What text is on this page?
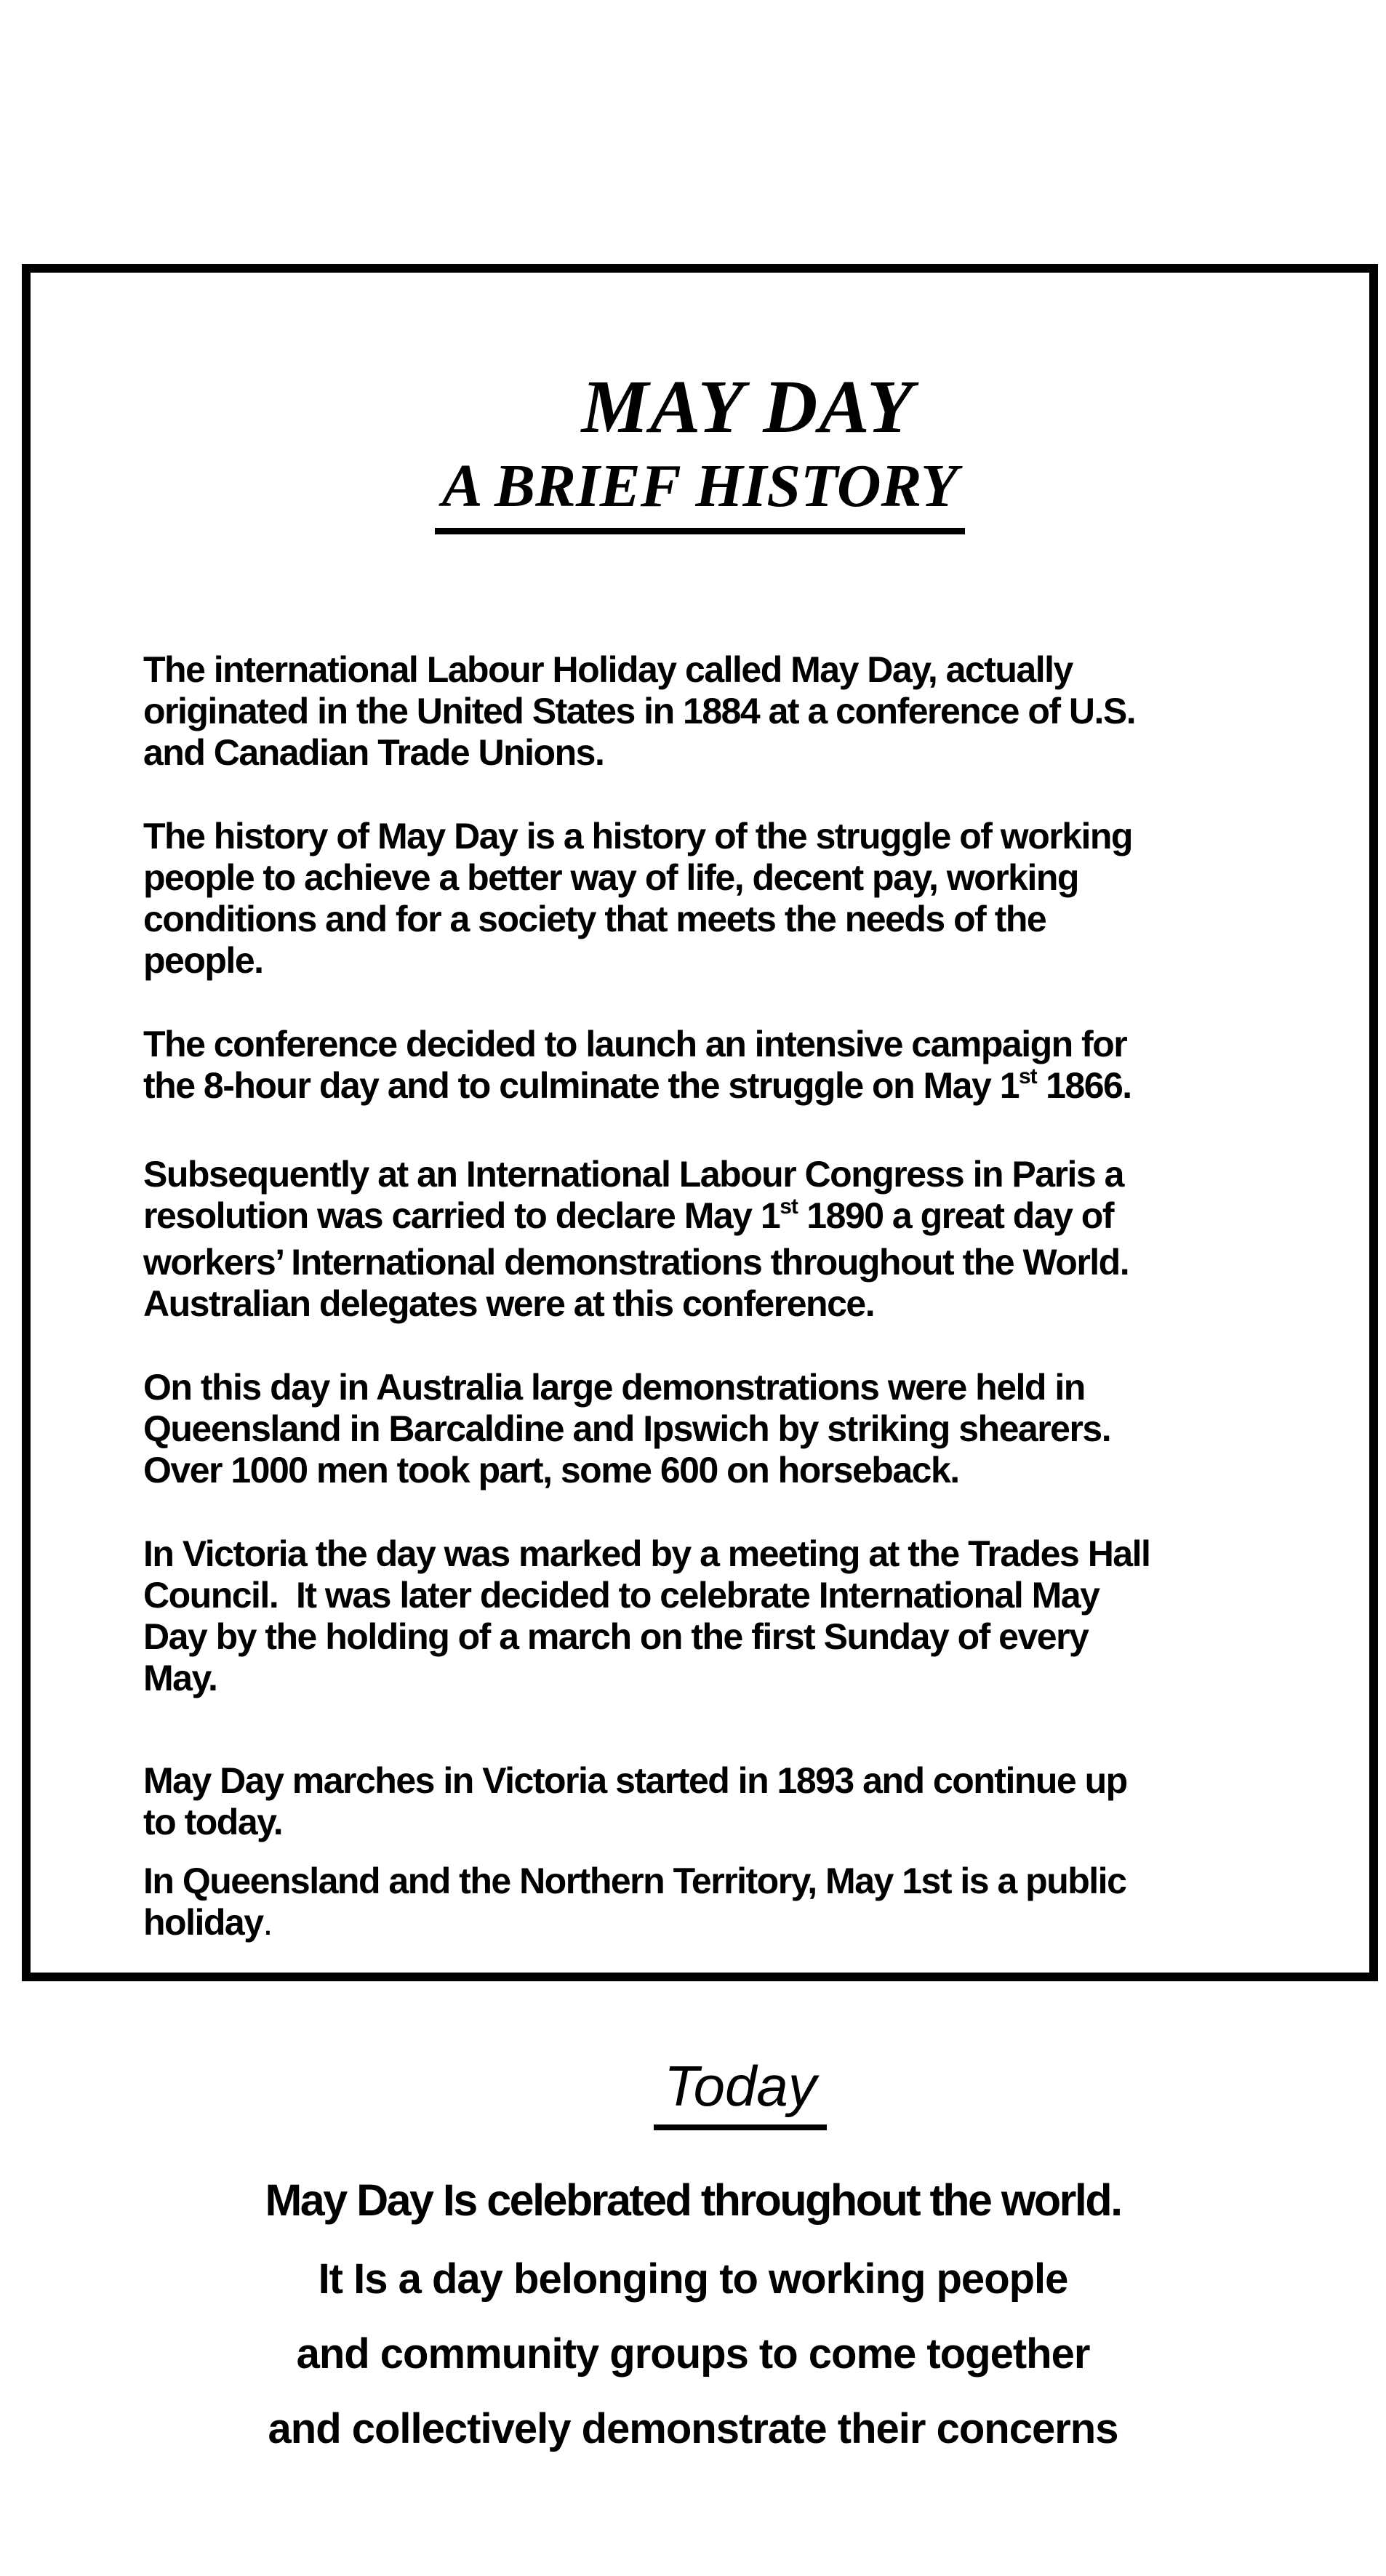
MAY DAY
A BRIEF HISTORY

The international Labour Holiday called May Day, actually
originated in the United States in 1884 at a conference of U.S.
and Canadian Trade Unions.

The history of May Day is a history of the struggle of working
people to achieve a better way of life, decent pay, working
conditions and for a society that meets the needs of the
people.

The conference decided to launch an intensive campaign for
the 8-hour day and to culminate the struggle on May 1st 1866.

Subsequently at an International Labour Congress in Paris a
resolution was carried to declare May 1st 1890 a great day of
workers’ International demonstrations throughout the World.
Australian delegates were at this conference.

On this day in Australia large demonstrations were held in
Queensland in Barcaldine and Ipswich by striking shearers.
Over 1000 men took part, some 600 on horseback.

In Victoria the day was marked by a meeting at the Trades Hall
Council.  It was later decided to celebrate International May
Day by the holding of a march on the first Sunday of every
May.

May Day marches in Victoria started in 1893 and continue up
to today.

In Queensland and the Northern Territory, May 1st is a public
holiday.

Today
May Day Is celebrated throughout the world.
It Is a day belonging to working people
and community groups to come together
and collectively demonstrate their concerns
